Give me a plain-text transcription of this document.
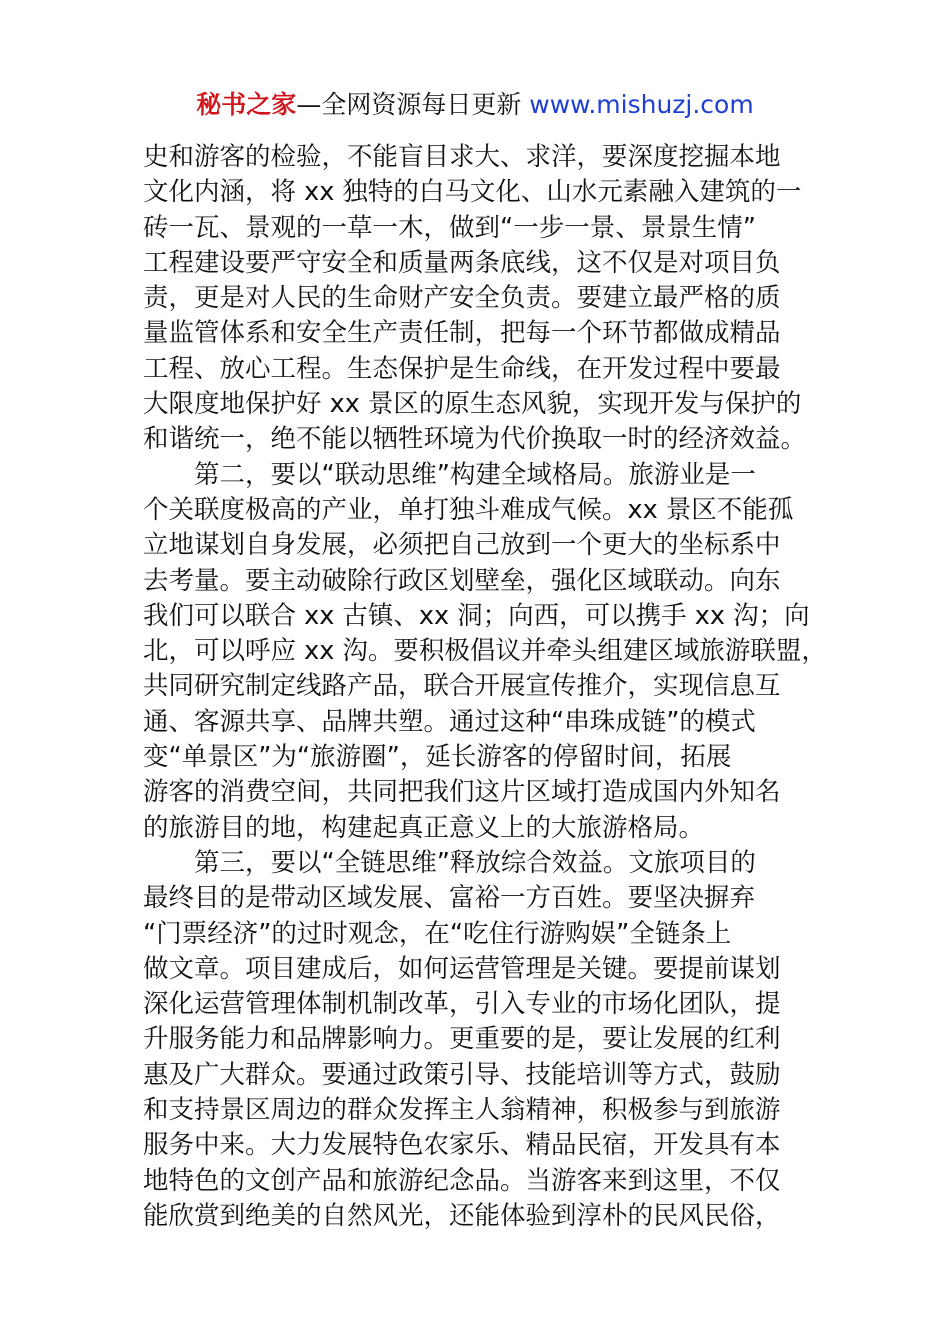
秘书之家—全网资源每日更新 www.mishuzj.com
史和游客的检验，不能盲目求大、求洋，要深度挖掘本地
文化内涵，将 xx 独特的白马文化、山水元素融入建筑的一
砖一瓦、景观的一草一木，做到“一步一景、景景生情”
工程建设要严守安全和质量两条底线，这不仅是对项目负
责，更是对人民的生命财产安全负责。要建立最严格的质
量监管体系和安全生产责任制，把每一个环节都做成精品
工程、放心工程。生态保护是生命线，在开发过程中要最
大限度地保护好 xx 景区的原生态风貌，实现开发与保护的
和谐统一，绝不能以牺牲环境为代价换取一时的经济效益。
第二，要以“联动思维”构建全域格局。旅游业是一
个关联度极高的产业，单打独斗难成气候。xx 景区不能孤
立地谋划自身发展，必须把自己放到一个更大的坐标系中
去考量。要主动破除行政区划壁垒，强化区域联动。向东
我们可以联合 xx 古镇、xx 洞；向西，可以携手 xx 沟；向
北，可以呼应 xx 沟。要积极倡议并牵头组建区域旅游联盟，
共同研究制定线路产品，联合开展宣传推介，实现信息互
通、客源共享、品牌共塑。通过这种“串珠成链”的模式
变“单景区”为“旅游圈”，延长游客的停留时间，拓展
游客的消费空间，共同把我们这片区域打造成国内外知名
的旅游目的地，构建起真正意义上的大旅游格局。
第三，要以“全链思维”释放综合效益。文旅项目的
最终目的是带动区域发展、富裕一方百姓。要坚决摒弃
“门票经济”的过时观念，在“吃住行游购娱”全链条上
做文章。项目建成后，如何运营管理是关键。要提前谋划
深化运营管理体制机制改革，引入专业的市场化团队，提
升服务能力和品牌影响力。更重要的是，要让发展的红利
惠及广大群众。要通过政策引导、技能培训等方式，鼓励
和支持景区周边的群众发挥主人翁精神，积极参与到旅游
服务中来。大力发展特色农家乐、精品民宿，开发具有本
地特色的文创产品和旅游纪念品。当游客来到这里，不仅
能欣赏到绝美的自然风光，还能体验到淳朴的民风民俗，
